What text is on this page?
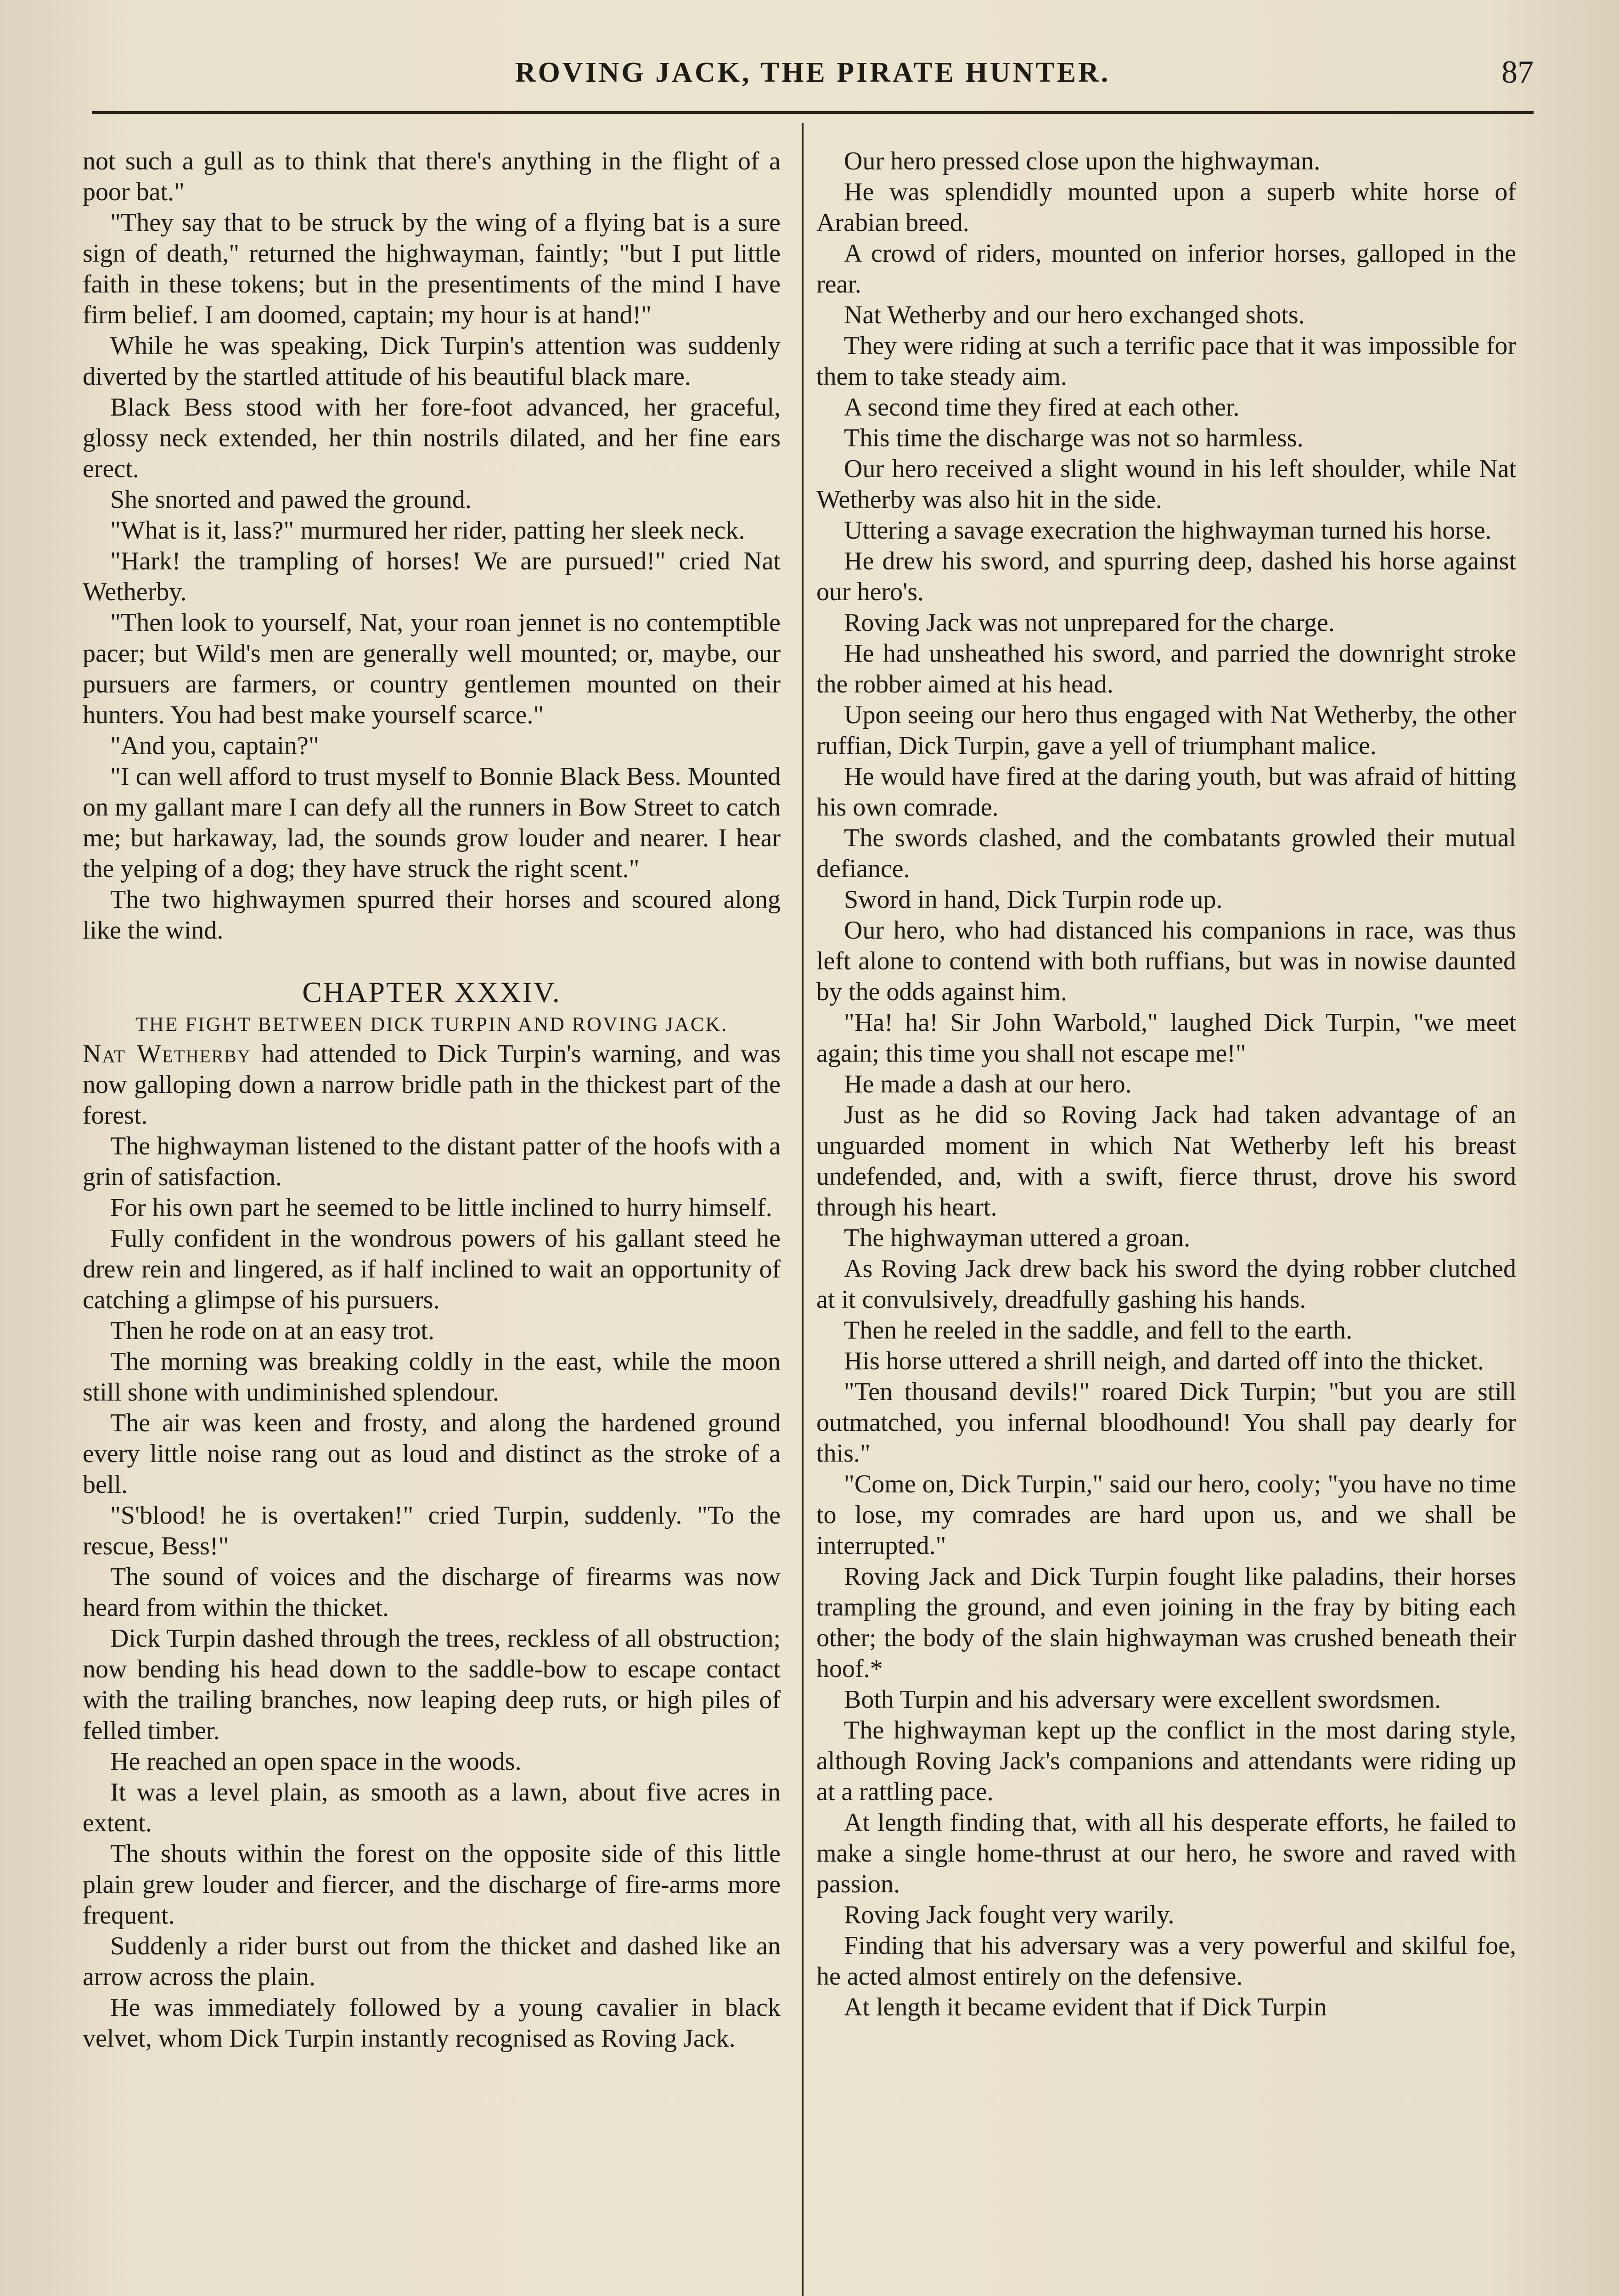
ROVING JACK, THE PIRATE HUNTER.	87

not such a gull as to think that there's anything in the flight of a poor bat."

"They say that to be struck by the wing of a flying bat is a sure sign of death," returned the highwayman, faintly; "but I put little faith in these tokens; but in the presentiments of the mind I have firm belief. I am doomed, captain; my hour is at hand!"

While he was speaking, Dick Turpin's attention was suddenly diverted by the startled attitude of his beautiful black mare.

Black Bess stood with her fore-foot advanced, her graceful, glossy neck extended, her thin nostrils dilated, and her fine ears erect.

She snorted and pawed the ground.

"What is it, lass?" murmured her rider, patting her sleek neck.

"Hark! the trampling of horses! We are pursued!" cried Nat Wetherby.

"Then look to yourself, Nat, your roan jennet is no contemptible pacer; but Wild's men are generally well mounted; or, maybe, our pursuers are farmers, or country gentlemen mounted on their hunters. You had best make yourself scarce."

"And you, captain?"

"I can well afford to trust myself to Bonnie Black Bess. Mounted on my gallant mare I can defy all the runners in Bow Street to catch me; but harkaway, lad, the sounds grow louder and nearer. I hear the yelping of a dog; they have struck the right scent."

The two highwaymen spurred their horses and scoured along like the wind.

CHAPTER XXXIV.
THE FIGHT BETWEEN DICK TURPIN AND ROVING JACK.

Nat Wetherby had attended to Dick Turpin's warning, and was now galloping down a narrow bridle path in the thickest part of the forest.

The highwayman listened to the distant patter of the hoofs with a grin of satisfaction.

For his own part he seemed to be little inclined to hurry himself.

Fully confident in the wondrous powers of his gallant steed he drew rein and lingered, as if half inclined to wait an opportunity of catching a glimpse of his pursuers.

Then he rode on at an easy trot.

The morning was breaking coldly in the east, while the moon still shone with undiminished splendour.

The air was keen and frosty, and along the hardened ground every little noise rang out as loud and distinct as the stroke of a bell.

"S'blood! he is overtaken!" cried Turpin, suddenly. "To the rescue, Bess!"

The sound of voices and the discharge of firearms was now heard from within the thicket.

Dick Turpin dashed through the trees, reckless of all obstruction; now bending his head down to the saddle-bow to escape contact with the trailing branches, now leaping deep ruts, or high piles of felled timber.

He reached an open space in the woods.

It was a level plain, as smooth as a lawn, about five acres in extent.

The shouts within the forest on the opposite side of this little plain grew louder and fiercer, and the discharge of fire-arms more frequent.

Suddenly a rider burst out from the thicket and dashed like an arrow across the plain.

He was immediately followed by a young cavalier in black velvet, whom Dick Turpin instantly recognised as Roving Jack.

Our hero pressed close upon the highwayman.

He was splendidly mounted upon a superb white horse of Arabian breed.

A crowd of riders, mounted on inferior horses, galloped in the rear.

Nat Wetherby and our hero exchanged shots.

They were riding at such a terrific pace that it was impossible for them to take steady aim.

A second time they fired at each other.

This time the discharge was not so harmless.

Our hero received a slight wound in his left shoulder, while Nat Wetherby was also hit in the side.

Uttering a savage execration the highwayman turned his horse.

He drew his sword, and spurring deep, dashed his horse against our hero's.

Roving Jack was not unprepared for the charge.

He had unsheathed his sword, and parried the downright stroke the robber aimed at his head.

Upon seeing our hero thus engaged with Nat Wetherby, the other ruffian, Dick Turpin, gave a yell of triumphant malice.

He would have fired at the daring youth, but was afraid of hitting his own comrade.

The swords clashed, and the combatants growled their mutual defiance.

Sword in hand, Dick Turpin rode up.

Our hero, who had distanced his companions in race, was thus left alone to contend with both ruffians, but was in nowise daunted by the odds against him.

"Ha! ha! Sir John Warbold," laughed Dick Turpin, "we meet again; this time you shall not escape me!"

He made a dash at our hero.

Just as he did so Roving Jack had taken advantage of an unguarded moment in which Nat Wetherby left his breast undefended, and, with a swift, fierce thrust, drove his sword through his heart.

The highwayman uttered a groan.

As Roving Jack drew back his sword the dying robber clutched at it convulsively, dreadfully gashing his hands.

Then he reeled in the saddle, and fell to the earth.

His horse uttered a shrill neigh, and darted off into the thicket.

"Ten thousand devils!" roared Dick Turpin; "but you are still outmatched, you infernal bloodhound! You shall pay dearly for this."

"Come on, Dick Turpin," said our hero, cooly; "you have no time to lose, my comrades are hard upon us, and we shall be interrupted."

Roving Jack and Dick Turpin fought like paladins, their horses trampling the ground, and even joining in the fray by biting each other; the body of the slain highwayman was crushed beneath their hoof.*

Both Turpin and his adversary were excellent swordsmen.

The highwayman kept up the conflict in the most daring style, although Roving Jack's companions and attendants were riding up at a rattling pace.

At length finding that, with all his desperate efforts, he failed to make a single home-thrust at our hero, he swore and raved with passion.

Roving Jack fought very warily.

Finding that his adversary was a very powerful and skilful foe, he acted almost entirely on the defensive.

At length it became evident that if Dick Turpin
